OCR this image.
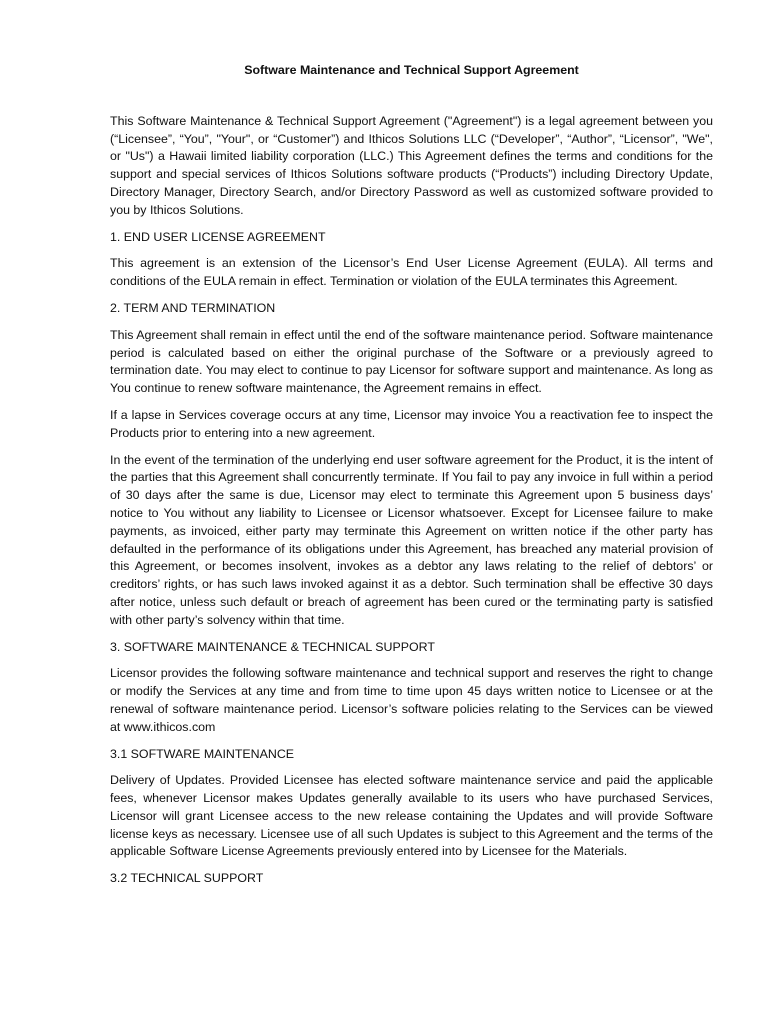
Software Maintenance and Technical Support Agreement
This Software Maintenance & Technical Support Agreement ("Agreement") is a legal agreement between you (“Licensee”, “You”, "Your", or “Customer”) and Ithicos Solutions LLC (“Developer”, “Author”, “Licensor”, "We", or "Us") a Hawaii limited liability corporation (LLC.) This Agreement defines the terms and conditions for the support and special services of Ithicos Solutions software products (“Products”) including Directory Update, Directory Manager, Directory Search, and/or Directory Password as well as customized software provided to you by Ithicos Solutions.
1. END USER LICENSE AGREEMENT
This agreement is an extension of the Licensor’s End User License Agreement (EULA). All terms and conditions of the EULA remain in effect. Termination or violation of the EULA terminates this Agreement.
2. TERM AND TERMINATION
This Agreement shall remain in effect until the end of the software maintenance period. Software maintenance period is calculated based on either the original purchase of the Software or a previously agreed to termination date. You may elect to continue to pay Licensor for software support and maintenance. As long as You continue to renew software maintenance, the Agreement remains in effect.
If a lapse in Services coverage occurs at any time, Licensor may invoice You a reactivation fee to inspect the Products prior to entering into a new agreement.
In the event of the termination of the underlying end user software agreement for the Product, it is the intent of the parties that this Agreement shall concurrently terminate. If You fail to pay any invoice in full within a period of 30 days after the same is due, Licensor may elect to terminate this Agreement upon 5 business days’ notice to You without any liability to Licensee or Licensor whatsoever. Except for Licensee failure to make payments, as invoiced, either party may terminate this Agreement on written notice if the other party has defaulted in the performance of its obligations under this Agreement, has breached any material provision of this Agreement, or becomes insolvent, invokes as a debtor any laws relating to the relief of debtors’ or creditors’ rights, or has such laws invoked against it as a debtor. Such termination shall be effective 30 days after notice, unless such default or breach of agreement has been cured or the terminating party is satisfied with other party’s solvency within that time.
3. SOFTWARE MAINTENANCE & TECHNICAL SUPPORT
Licensor provides the following software maintenance and technical support and reserves the right to change or modify the Services at any time and from time to time upon 45 days written notice to Licensee or at the renewal of software maintenance period. Licensor’s software policies relating to the Services can be viewed at www.ithicos.com
3.1 SOFTWARE MAINTENANCE
Delivery of Updates. Provided Licensee has elected software maintenance service and paid the applicable fees, whenever Licensor makes Updates generally available to its users who have purchased Services, Licensor will grant Licensee access to the new release containing the Updates and will provide Software license keys as necessary. Licensee use of all such Updates is subject to this Agreement and the terms of the applicable Software License Agreements previously entered into by Licensee for the Materials.
3.2 TECHNICAL SUPPORT
